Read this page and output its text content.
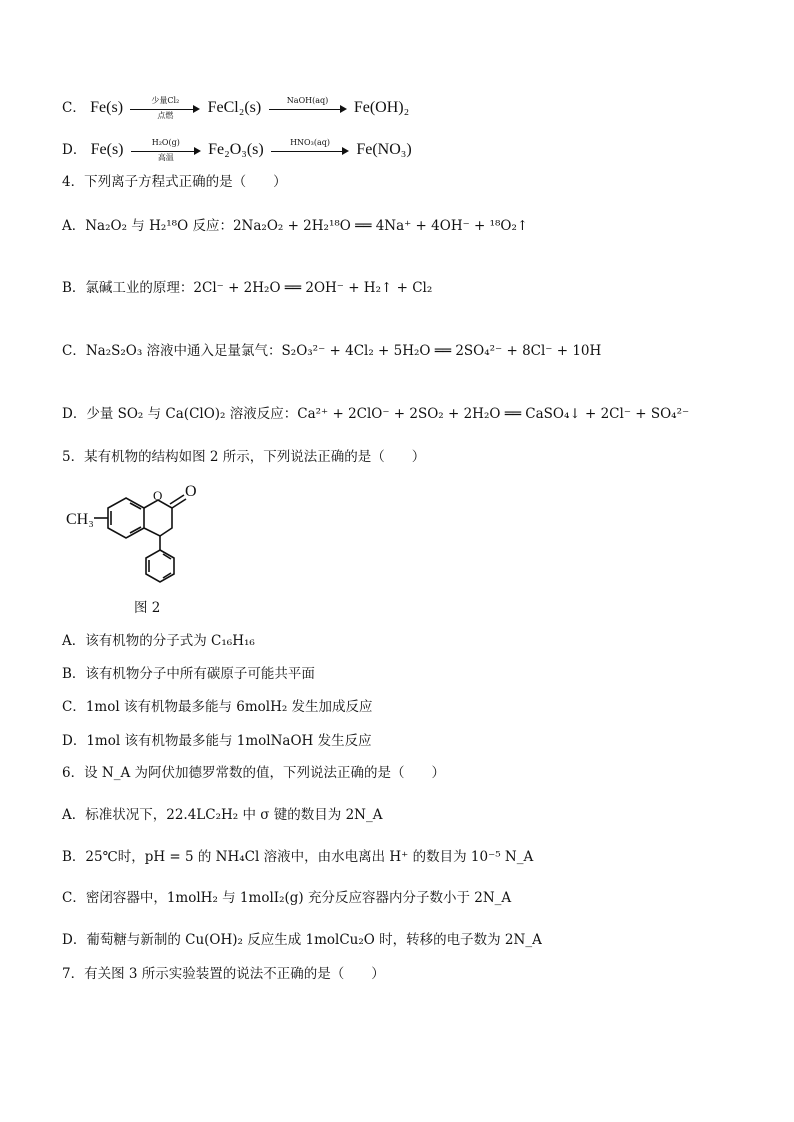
C． Fe(s)	少量Cl₂
点燃	FeCl₂(s)	NaOH(aq)	Fe(OH)₂
D． Fe(s)	H₂O(g)
高温	Fe₂O₃(s)	HNO₃(aq)	Fe(NO₃)
4．下列离子方程式正确的是（　　）
A．Na₂O₂ 与 H₂¹⁸O 反应：2Na₂O₂ + 2H₂¹⁸O ══ 4Na⁺ + 4OH⁻ + ¹⁸O₂↑
B．氯碱工业的原理：2Cl⁻ + 2H₂O ══ 2OH⁻ + H₂↑ + Cl₂
C．Na₂S₂O₃ 溶液中通入足量氯气：S₂O₃²⁻ + 4Cl₂ + 5H₂O ══ 2SO₄²⁻ + 8Cl⁻ + 10H
D．少量 SO₂ 与 Ca(ClO)₂ 溶液反应：Ca²⁺ + 2ClO⁻ + 2SO₂ + 2H₂O ══ CaSO₄↓ + 2Cl⁻ + SO₄²⁻
5．某有机物的结构如图 2 所示，下列说法正确的是（　　）
CH₃
O O
图 2
A．该有机物的分子式为 C₁₆H₁₆
B．该有机物分子中所有碳原子可能共平面
C．1mol 该有机物最多能与 6molH₂ 发生加成反应
D．1mol 该有机物最多能与 1molNaOH 发生反应
6．设 N_A 为阿伏加德罗常数的值，下列说法正确的是（　　）
A．标准状况下，22.4LC₂H₂ 中 σ 键的数目为 2N_A
B．25℃时，pH = 5 的 NH₄Cl 溶液中，由水电离出 H⁺ 的数目为 10⁻⁵ N_A
C．密闭容器中，1molH₂ 与 1molI₂(g) 充分反应容器内分子数小于 2N_A
D．葡萄糖与新制的 Cu(OH)₂ 反应生成 1molCu₂O 时，转移的电子数为 2N_A
7．有关图 3 所示实验装置的说法不正确的是（　　）
